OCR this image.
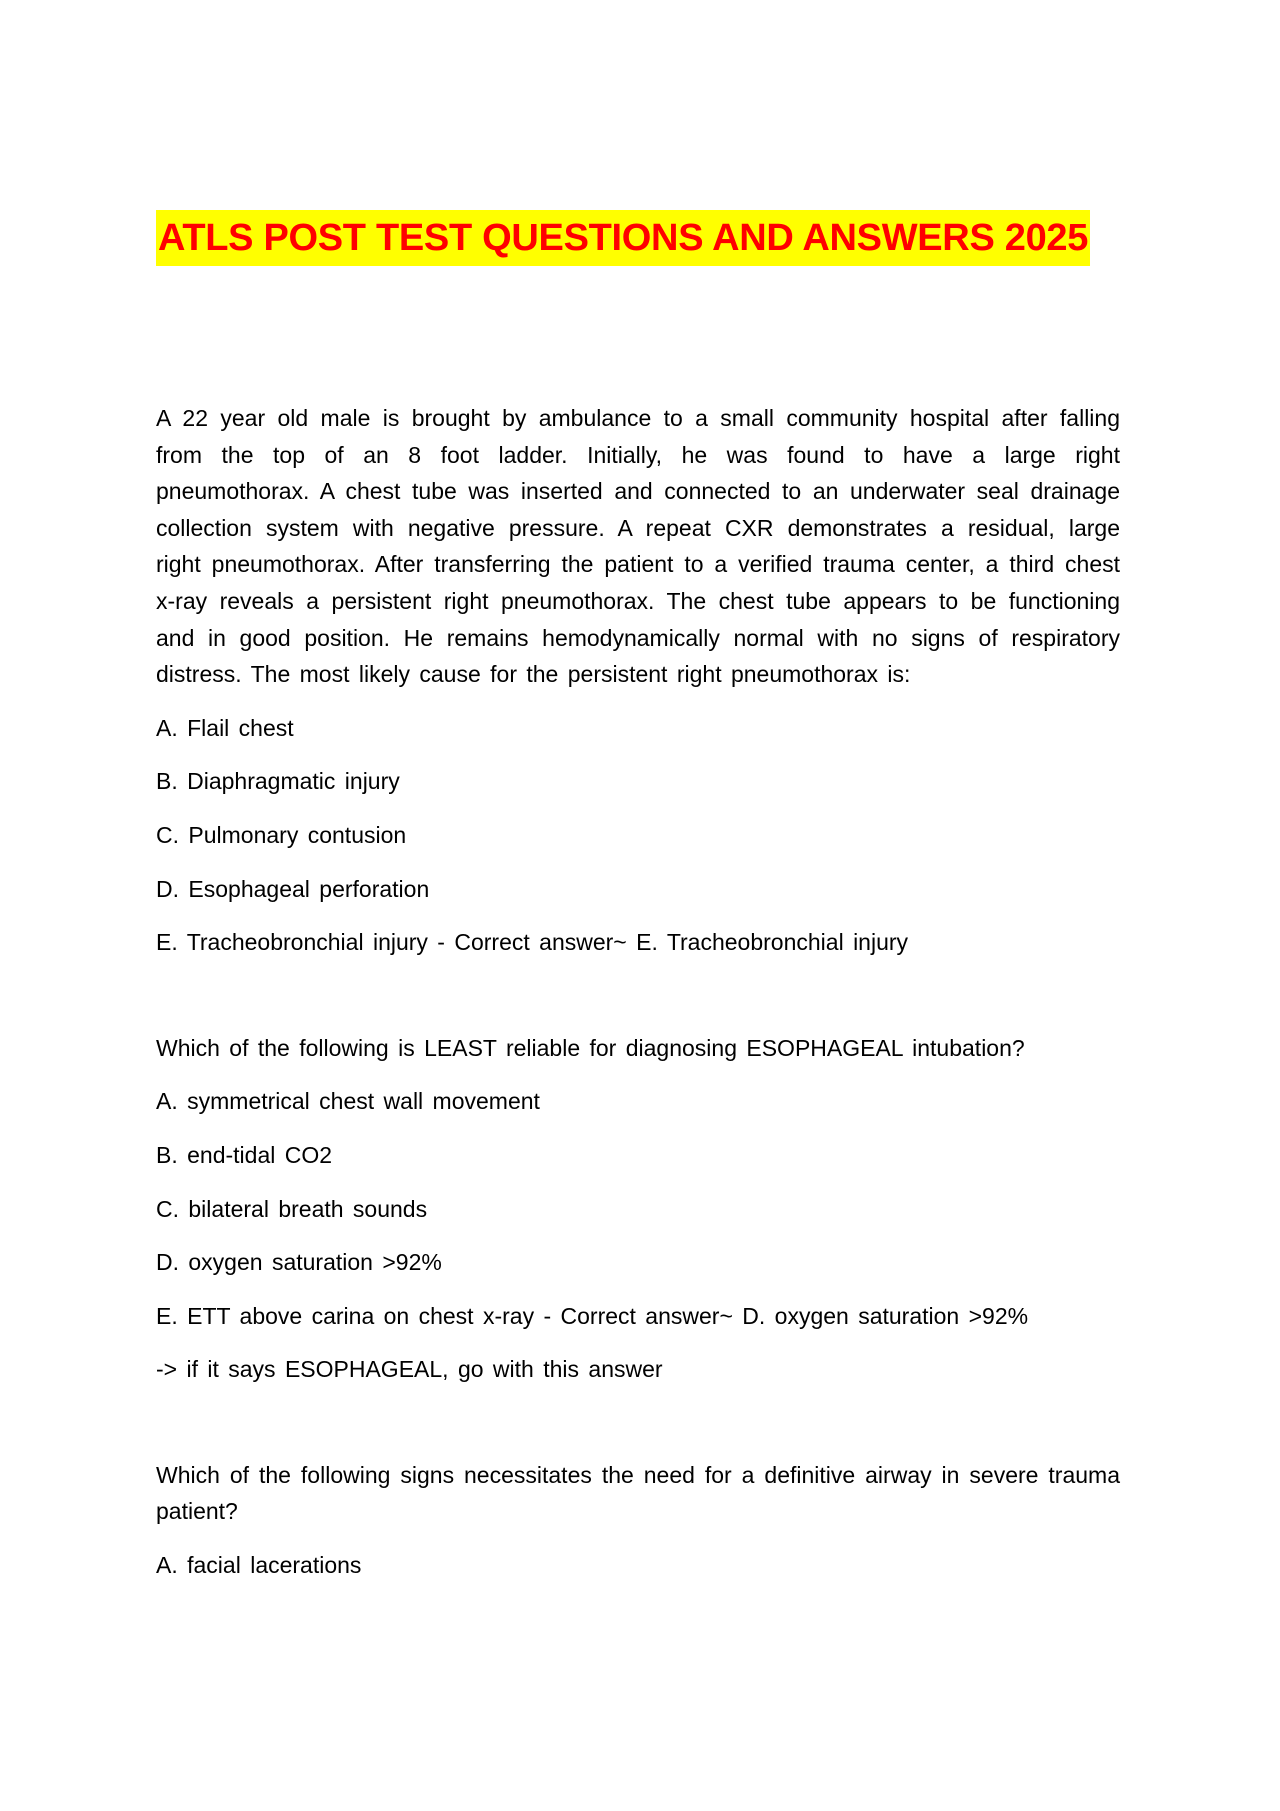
ATLS POST TEST QUESTIONS AND ANSWERS 2025

A 22 year old male is brought by ambulance to a small community hospital after falling from the top of an 8 foot ladder. Initially, he was found to have a large right pneumothorax. A chest tube was inserted and connected to an underwater seal drainage collection system with negative pressure. A repeat CXR demonstrates a residual, large right pneumothorax. After transferring the patient to a verified trauma center, a third chest x-ray reveals a persistent right pneumothorax. The chest tube appears to be functioning and in good position. He remains hemodynamically normal with no signs of respiratory distress. The most likely cause for the persistent right pneumothorax is:

A. Flail chest

B. Diaphragmatic injury

C. Pulmonary contusion

D. Esophageal perforation

E. Tracheobronchial injury - Correct answer~ E. Tracheobronchial injury

Which of the following is LEAST reliable for diagnosing ESOPHAGEAL intubation?

A. symmetrical chest wall movement

B. end-tidal CO2

C. bilateral breath sounds

D. oxygen saturation >92%

E. ETT above carina on chest x-ray - Correct answer~ D. oxygen saturation >92%

-> if it says ESOPHAGEAL, go with this answer

Which of the following signs necessitates the need for a definitive airway in severe trauma patient?

A. facial lacerations
